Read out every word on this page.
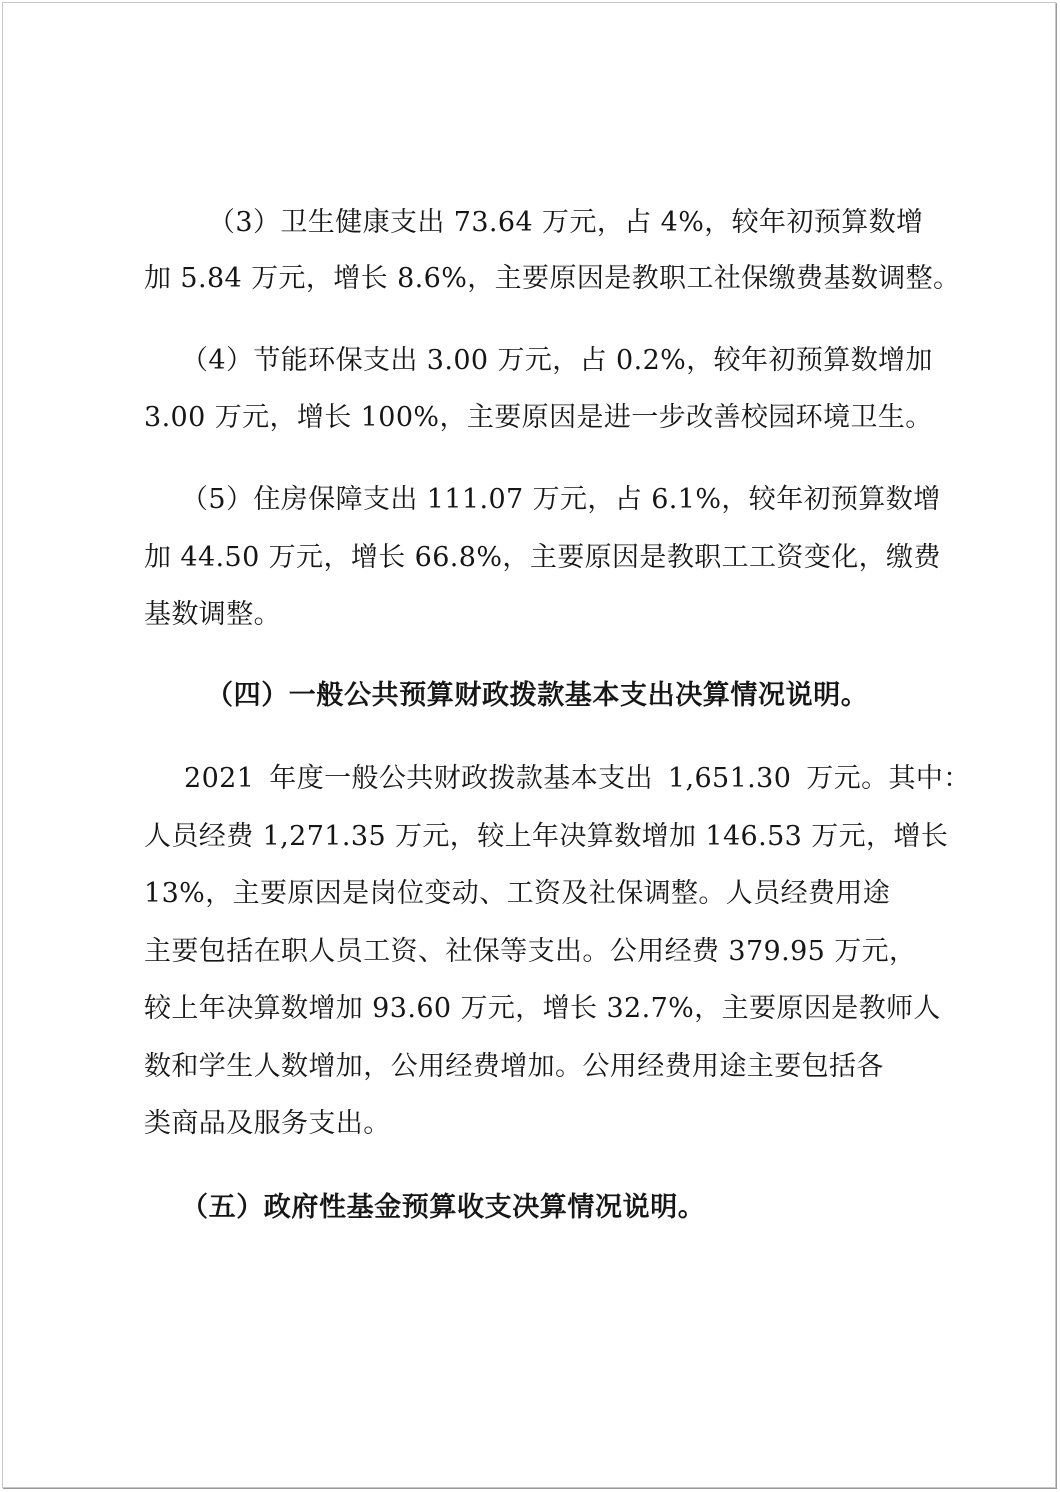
（3）卫生健康支出 73.64 万元，占 4%，较年初预算数增
加 5.84 万元，增长 8.6%，主要原因是教职工社保缴费基数调整。
（4）节能环保支出 3.00 万元，占 0.2%，较年初预算数增加
3.00 万元，增长 100%，主要原因是进一步改善校园环境卫生。
（5）住房保障支出 111.07 万元，占 6.1%，较年初预算数增
加 44.50 万元，增长 66.8%，主要原因是教职工工资变化，缴费
基数调整。
（四）一般公共预算财政拨款基本支出决算情况说明。
2021 年度一般公共财政拨款基本支出 1,651.30 万元。其中：
人员经费 1,271.35 万元，较上年决算数增加 146.53 万元，增长
13%，主要原因是岗位变动、工资及社保调整。人员经费用途
主要包括在职人员工资、社保等支出。公用经费 379.95 万元，
较上年决算数增加 93.60 万元，增长 32.7%，主要原因是教师人
数和学生人数增加，公用经费增加。公用经费用途主要包括各
类商品及服务支出。
（五）政府性基金预算收支决算情况说明。
